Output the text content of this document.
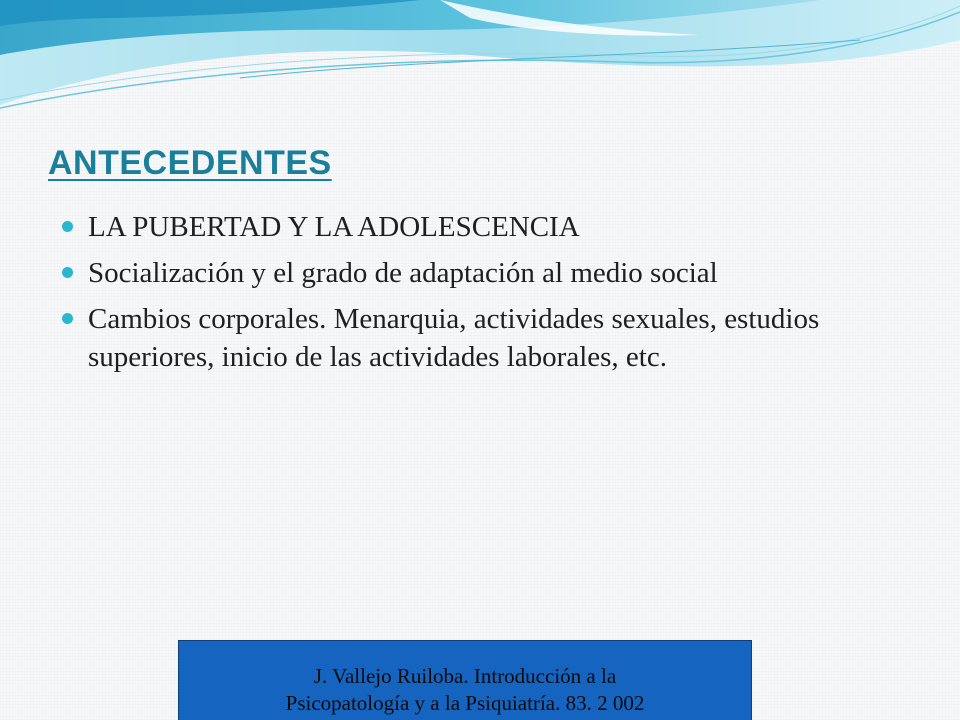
ANTECEDENTES
LA PUBERTAD Y LA ADOLESCENCIA
Socialización y el grado de adaptación al medio social
Cambios corporales. Menarquia, actividades sexuales, estudios superiores, inicio de las actividades laborales, etc.
J. Vallejo Ruiloba. Introducción a la
Psicopatología y a la Psiquiatría. 83. 2 002
